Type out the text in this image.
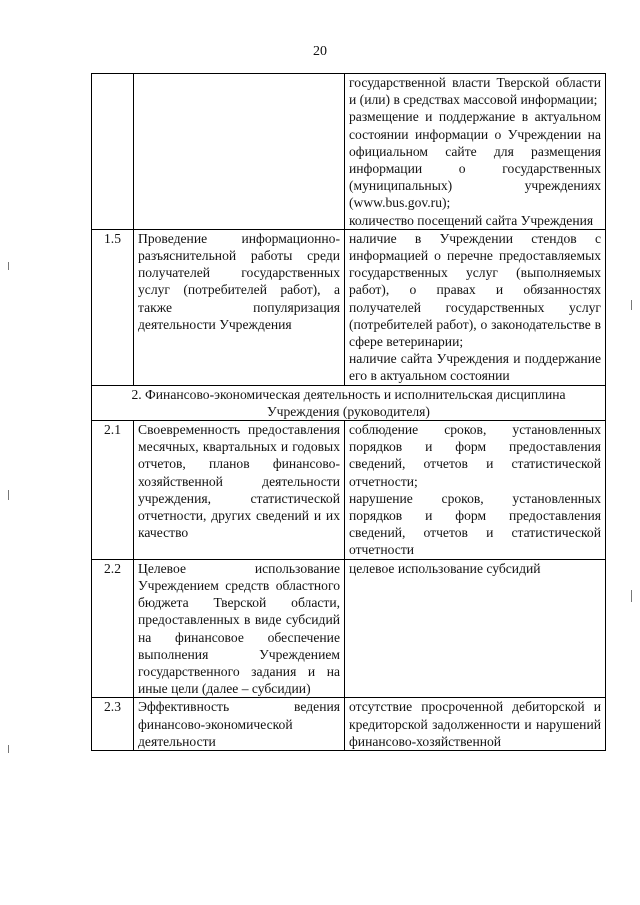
20

		государственной власти Тверской области и (или) в средствах массовой информации;
размещение и поддержание в актуальном состоянии информации о Учреждении на официальном сайте для размещения информации о государственных (муниципальных) учреждениях (www.bus.gov.ru);
количество посещений сайта Учреждения

1.5	Проведение информационно-разъяснительной работы среди получателей государственных услуг (потребителей работ), а также популяризация деятельности Учреждения	наличие в Учреждении стендов с информацией о перечне предоставляемых государственных услуг (выполняемых работ), о правах и обязанностях получателей государственных услуг (потребителей работ), о законодательстве в сфере ветеринарии;
наличие сайта Учреждения и поддержание его в актуальном состоянии

2. Финансово-экономическая деятельность и исполнительская дисциплина Учреждения (руководителя)		
2.1	Своевременность предоставления месячных, квартальных и годовых отчетов, планов финансово-хозяйственной деятельности учреждения, статистической отчетности, других сведений и их качество	соблюдение сроков, установленных порядков и форм предоставления сведений, отчетов и статистической отчетности;
нарушение сроков, установленных порядков и форм предоставления сведений, отчетов и статистической отчетности

2.2	Целевое использование Учреждением средств областного бюджета Тверской области, предоставленных в виде субсидий на финансовое обеспечение выполнения Учреждением государственного задания и на иные цели (далее – субсидии)	целевое использование субсидий

2.3	Эффективность ведения финансово-экономической деятельности	отсутствие просроченной дебиторской и кредиторской задолженности и нарушений финансово-хозяйственной
